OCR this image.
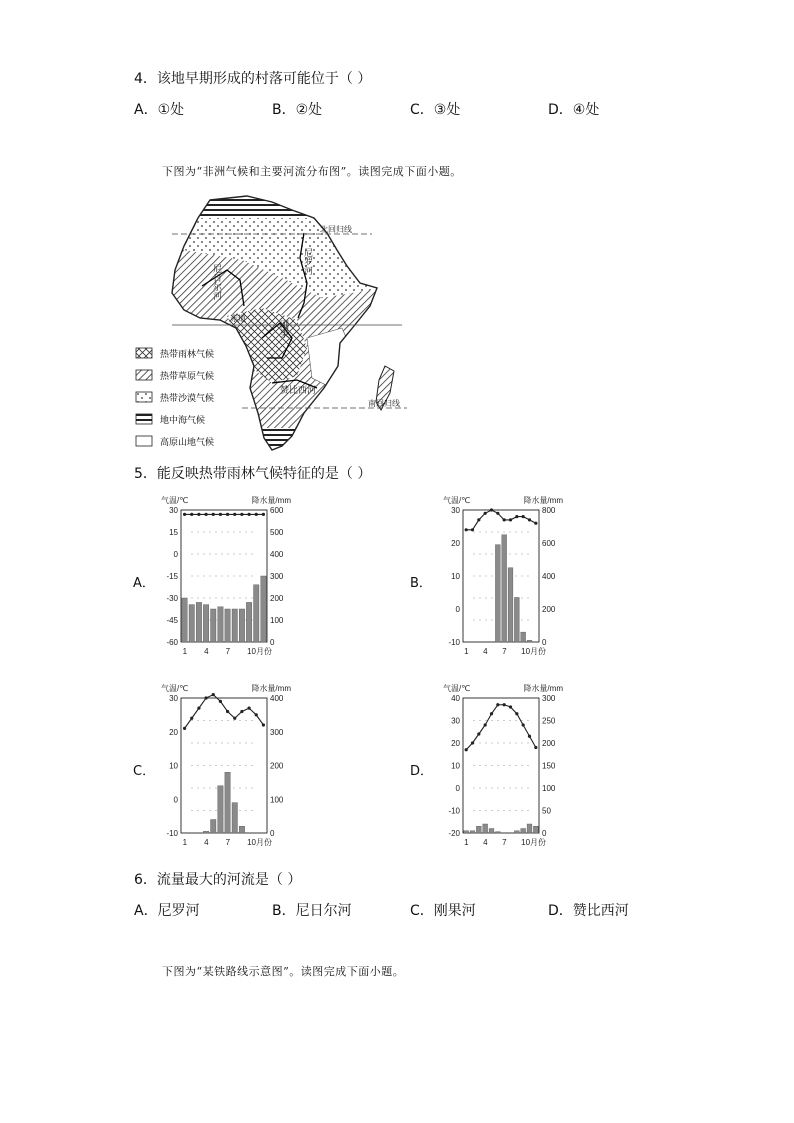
4．该地早期形成的村落可能位于（ ）
A．①处	B．②处	C．③处	D．④处
下图为“非洲气候和主要河流分布图”。读图完成下面小题。
北回归线
赤道
南回归线
尼罗河
尼日尔河
刚果
赞比西河
热带雨林气候
热带草原气候
热带沙漠气候
地中海气候
高原山地气候
5．能反映热带雨林气候特征的是（ ）
A．	B．
C．	D．
气温/℃	降水量/mm
30
15
0
-15
-30
-45
-60
600
500
400
300
200
100
0
1 4 7 10月份
气温/℃	降水量/mm
30
20
10
0
-10
800
600
400
200
0
1 4 7 10月份
气温/℃	降水量/mm
30
20
10
0
-10
400
300
200
100
0
1 4 7 10月份
气温/℃	降水量/mm
40
30
20
10
0
-10
-20
300
250
200
150
100
50
0
1 4 7 10月份
6．流量最大的河流是（ ）
A．尼罗河	B．尼日尔河	C．刚果河	D．赞比西河
下图为“某铁路线示意图”。读图完成下面小题。
